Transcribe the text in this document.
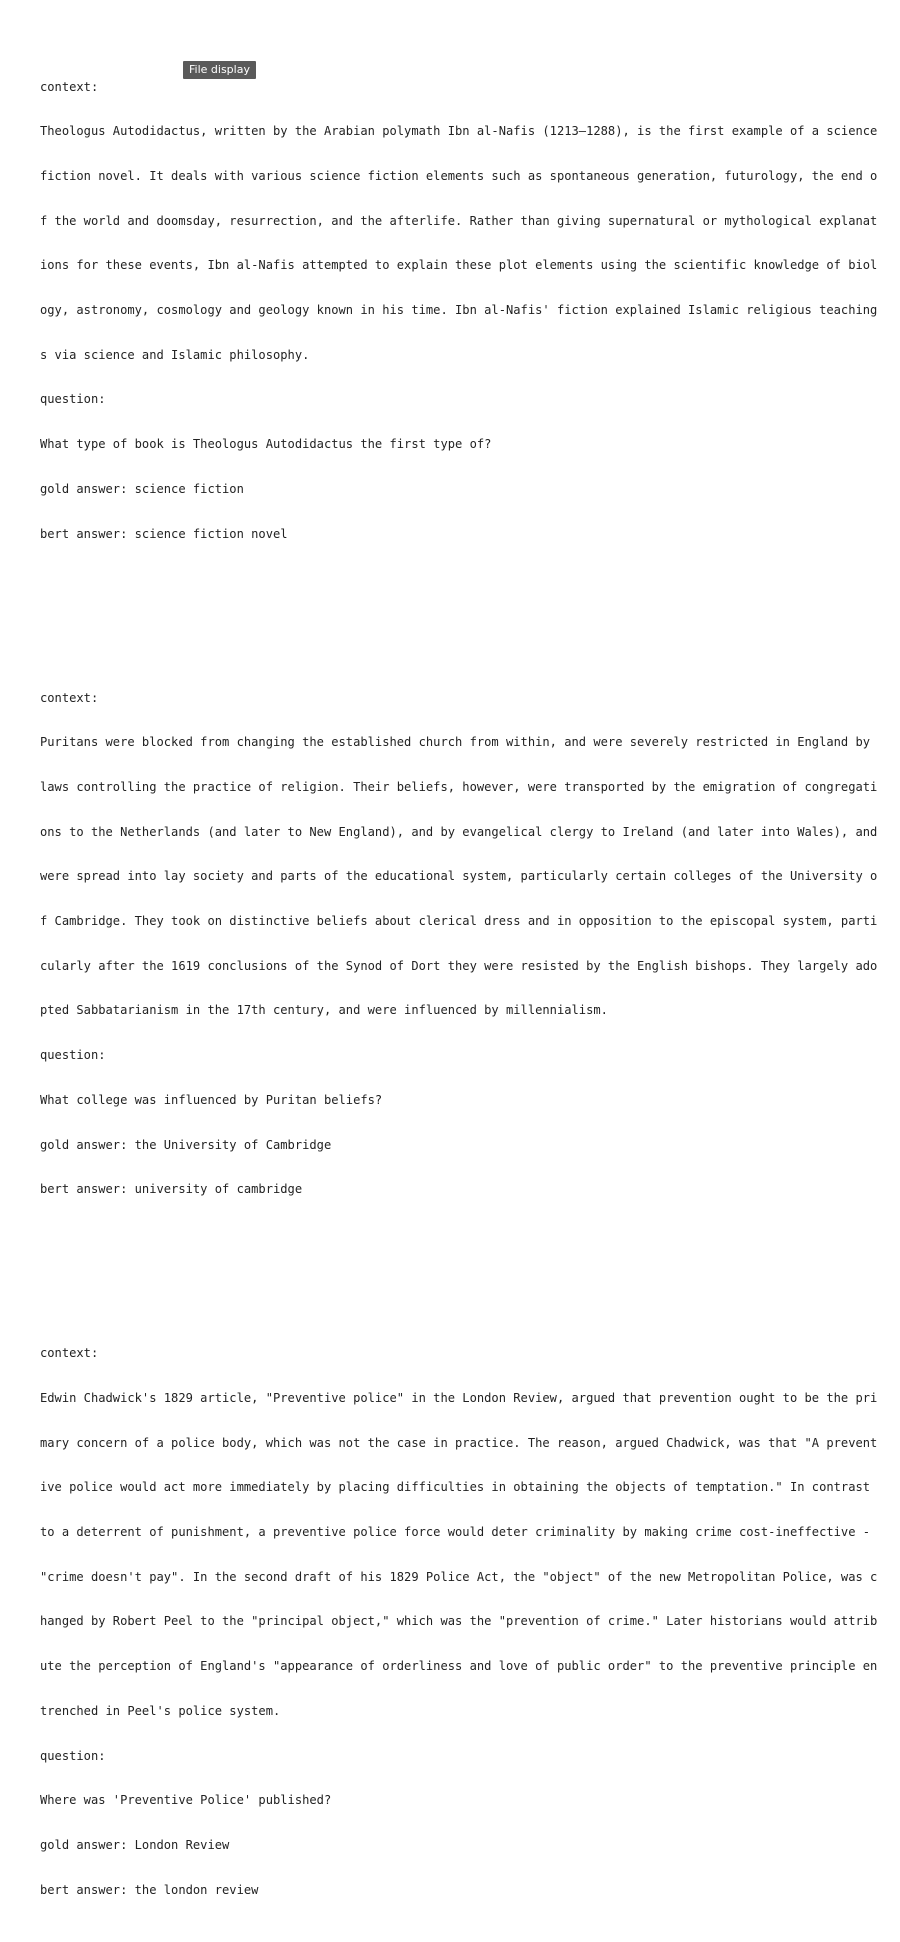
context:

Theologus Autodidactus, written by the Arabian polymath Ibn al-Nafis (1213–1288), is the first example of a science

fiction novel. It deals with various science fiction elements such as spontaneous generation, futurology, the end o

f the world and doomsday, resurrection, and the afterlife. Rather than giving supernatural or mythological explanat

ions for these events, Ibn al-Nafis attempted to explain these plot elements using the scientific knowledge of biol

ogy, astronomy, cosmology and geology known in his time. Ibn al-Nafis' fiction explained Islamic religious teaching

s via science and Islamic philosophy.

question:

What type of book is Theologus Autodidactus the first type of?

gold answer: science fiction

bert answer: science fiction novel

context:

Puritans were blocked from changing the established church from within, and were severely restricted in England by

laws controlling the practice of religion. Their beliefs, however, were transported by the emigration of congregati

ons to the Netherlands (and later to New England), and by evangelical clergy to Ireland (and later into Wales), and

were spread into lay society and parts of the educational system, particularly certain colleges of the University o

f Cambridge. They took on distinctive beliefs about clerical dress and in opposition to the episcopal system, parti

cularly after the 1619 conclusions of the Synod of Dort they were resisted by the English bishops. They largely ado

pted Sabbatarianism in the 17th century, and were influenced by millennialism.

question:

What college was influenced by Puritan beliefs?

gold answer: the University of Cambridge

bert answer: university of cambridge

context:

Edwin Chadwick's 1829 article, "Preventive police" in the London Review, argued that prevention ought to be the pri

mary concern of a police body, which was not the case in practice. The reason, argued Chadwick, was that "A prevent

ive police would act more immediately by placing difficulties in obtaining the objects of temptation." In contrast

to a deterrent of punishment, a preventive police force would deter criminality by making crime cost-ineffective -

"crime doesn't pay". In the second draft of his 1829 Police Act, the "object" of the new Metropolitan Police, was c

hanged by Robert Peel to the "principal object," which was the "prevention of crime." Later historians would attrib

ute the perception of England's "appearance of orderliness and love of public order" to the preventive principle en

trenched in Peel's police system.

question:

Where was 'Preventive Police' published?

gold answer: London Review

bert answer: the london review

File display
